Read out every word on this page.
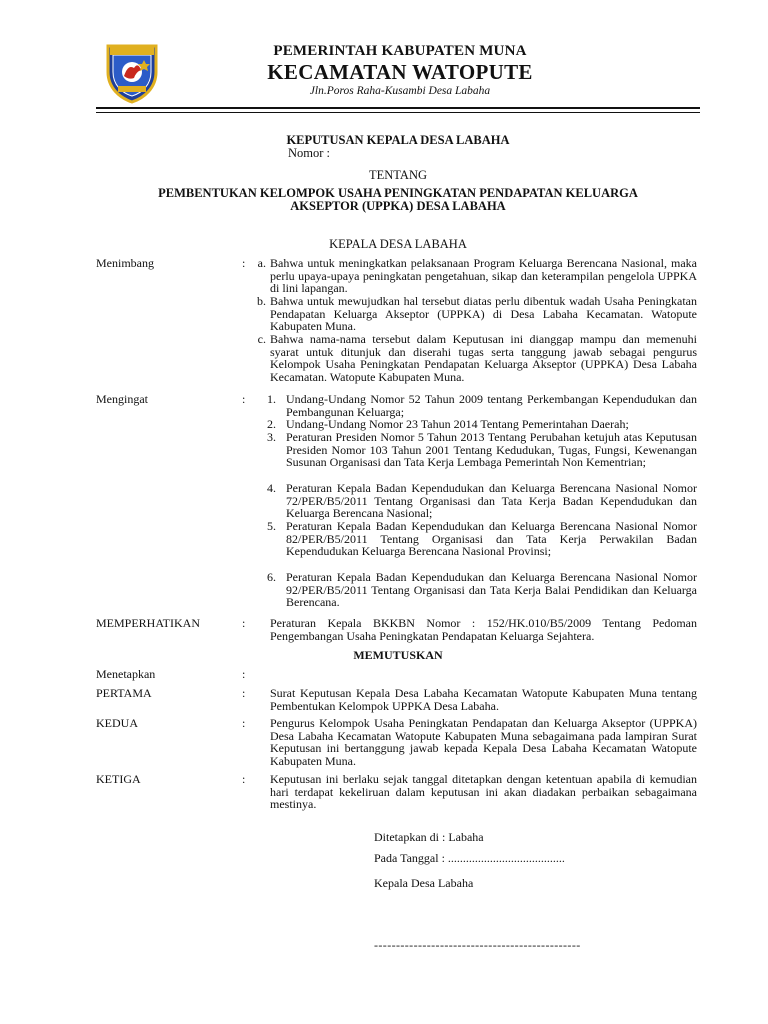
PEMERINTAH KABUPATEN MUNA
KECAMATAN WATOPUTE
Jln.Poros Raha-Kusambi Desa Labaha
KEPUTUSAN KEPALA DESA LABAHA
Nomor :
TENTANG
PEMBENTUKAN KELOMPOK USAHA PENINGKATAN PENDAPATAN KELUARGA
AKSEPTOR (UPPKA) DESA LABAHA
KEPALA DESA LABAHA
Menimbang	:	a. Bahwa untuk meningkatkan pelaksanaan Program Keluarga Berencana Nasional, maka perlu upaya-upaya peningkatan pengetahuan, sikap dan keterampilan pengelola UPPKA di lini lapangan.
b. Bahwa untuk mewujudkan hal tersebut diatas perlu dibentuk wadah Usaha Peningkatan Pendapatan Keluarga Akseptor (UPPKA) di Desa Labaha Kecamatan. Watopute Kabupaten Muna.
c. Bahwa nama-nama tersebut dalam Keputusan ini dianggap mampu dan memenuhi syarat untuk ditunjuk dan diserahi tugas serta tanggung jawab sebagai pengurus Kelompok Usaha Peningkatan Pendapatan Keluarga Akseptor (UPPKA) Desa Labaha Kecamatan. Watopute Kabupaten Muna.
Mengingat	:	1. Undang-Undang Nomor 52 Tahun 2009 tentang Perkembangan Kependudukan dan Pembangunan Keluarga;
2. Undang-Undang Nomor 23 Tahun 2014 Tentang Pemerintahan Daerah;
3. Peraturan Presiden Nomor 5 Tahun 2013 Tentang Perubahan ketujuh atas Keputusan Presiden Nomor 103 Tahun 2001 Tentang Kedudukan, Tugas, Fungsi, Kewenangan Susunan Organisasi dan Tata Kerja Lembaga Pemerintah Non Kementrian;
4. Peraturan Kepala Badan Kependudukan dan Keluarga Berencana Nasional Nomor 72/PER/B5/2011 Tentang Organisasi dan Tata Kerja Badan Kependudukan dan Keluarga Berencana Nasional;
5. Peraturan Kepala Badan Kependudukan dan Keluarga Berencana Nasional Nomor 82/PER/B5/2011 Tentang Organisasi dan Tata Kerja Perwakilan Badan Kependudukan Keluarga Berencana Nasional Provinsi;
6. Peraturan Kepala Badan Kependudukan dan Keluarga Berencana Nasional Nomor 92/PER/B5/2011 Tentang Organisasi dan Tata Kerja Balai Pendidikan dan Keluarga Berencana.
MEMPERHATIKAN	: Peraturan Kepala BKKBN Nomor : 152/HK.010/B5/2009 Tentang Pedoman Pengembangan Usaha Peningkatan Pendapatan Keluarga Sejahtera.
MEMUTUSKAN
Menetapkan	:
PERTAMA	: Surat Keputusan Kepala Desa Labaha Kecamatan Watopute Kabupaten Muna tentang Pembentukan Kelompok UPPKA Desa Labaha.
KEDUA	: Pengurus Kelompok Usaha Peningkatan Pendapatan dan Keluarga Akseptor (UPPKA) Desa Labaha Kecamatan Watopute Kabupaten Muna sebagaimana pada lampiran Surat Keputusan ini bertanggung jawab kepada Kepala Desa Labaha Kecamatan Watopute Kabupaten Muna.
KETIGA	: Keputusan ini berlaku sejak tanggal ditetapkan dengan ketentuan apabila di kemudian hari terdapat kekeliruan dalam keputusan ini akan diadakan perbaikan sebagaimana mestinya.
Ditetapkan di : Labaha
Pada Tanggal : .......................................
Kepala Desa Labaha
-----------------------------------------------
